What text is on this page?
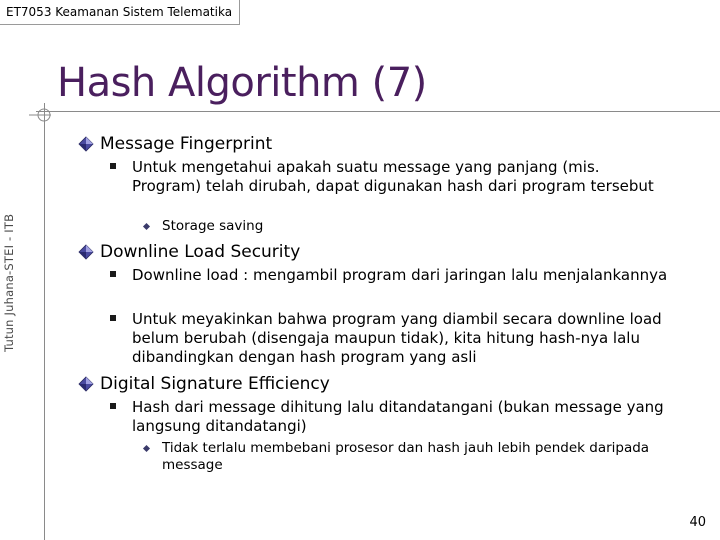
ET7053 Keamanan Sistem Telematika
Hash Algorithm (7)
Tutun Juhana-STEI - ITB
Message Fingerprint
Untuk mengetahui apakah suatu message yang panjang (mis. Program) telah dirubah, dapat digunakan hash dari program tersebut
Storage saving
Downline Load Security
Downline load : mengambil program dari jaringan lalu menjalankannya
Untuk meyakinkan bahwa program yang diambil secara downline load belum berubah (disengaja maupun tidak), kita hitung hash-nya lalu dibandingkan dengan hash program yang asli
Digital Signature Efficiency
Hash dari message dihitung lalu ditandatangani (bukan message yang langsung ditandatangi)
Tidak terlalu membebani prosesor dan hash jauh lebih pendek daripada message
40
